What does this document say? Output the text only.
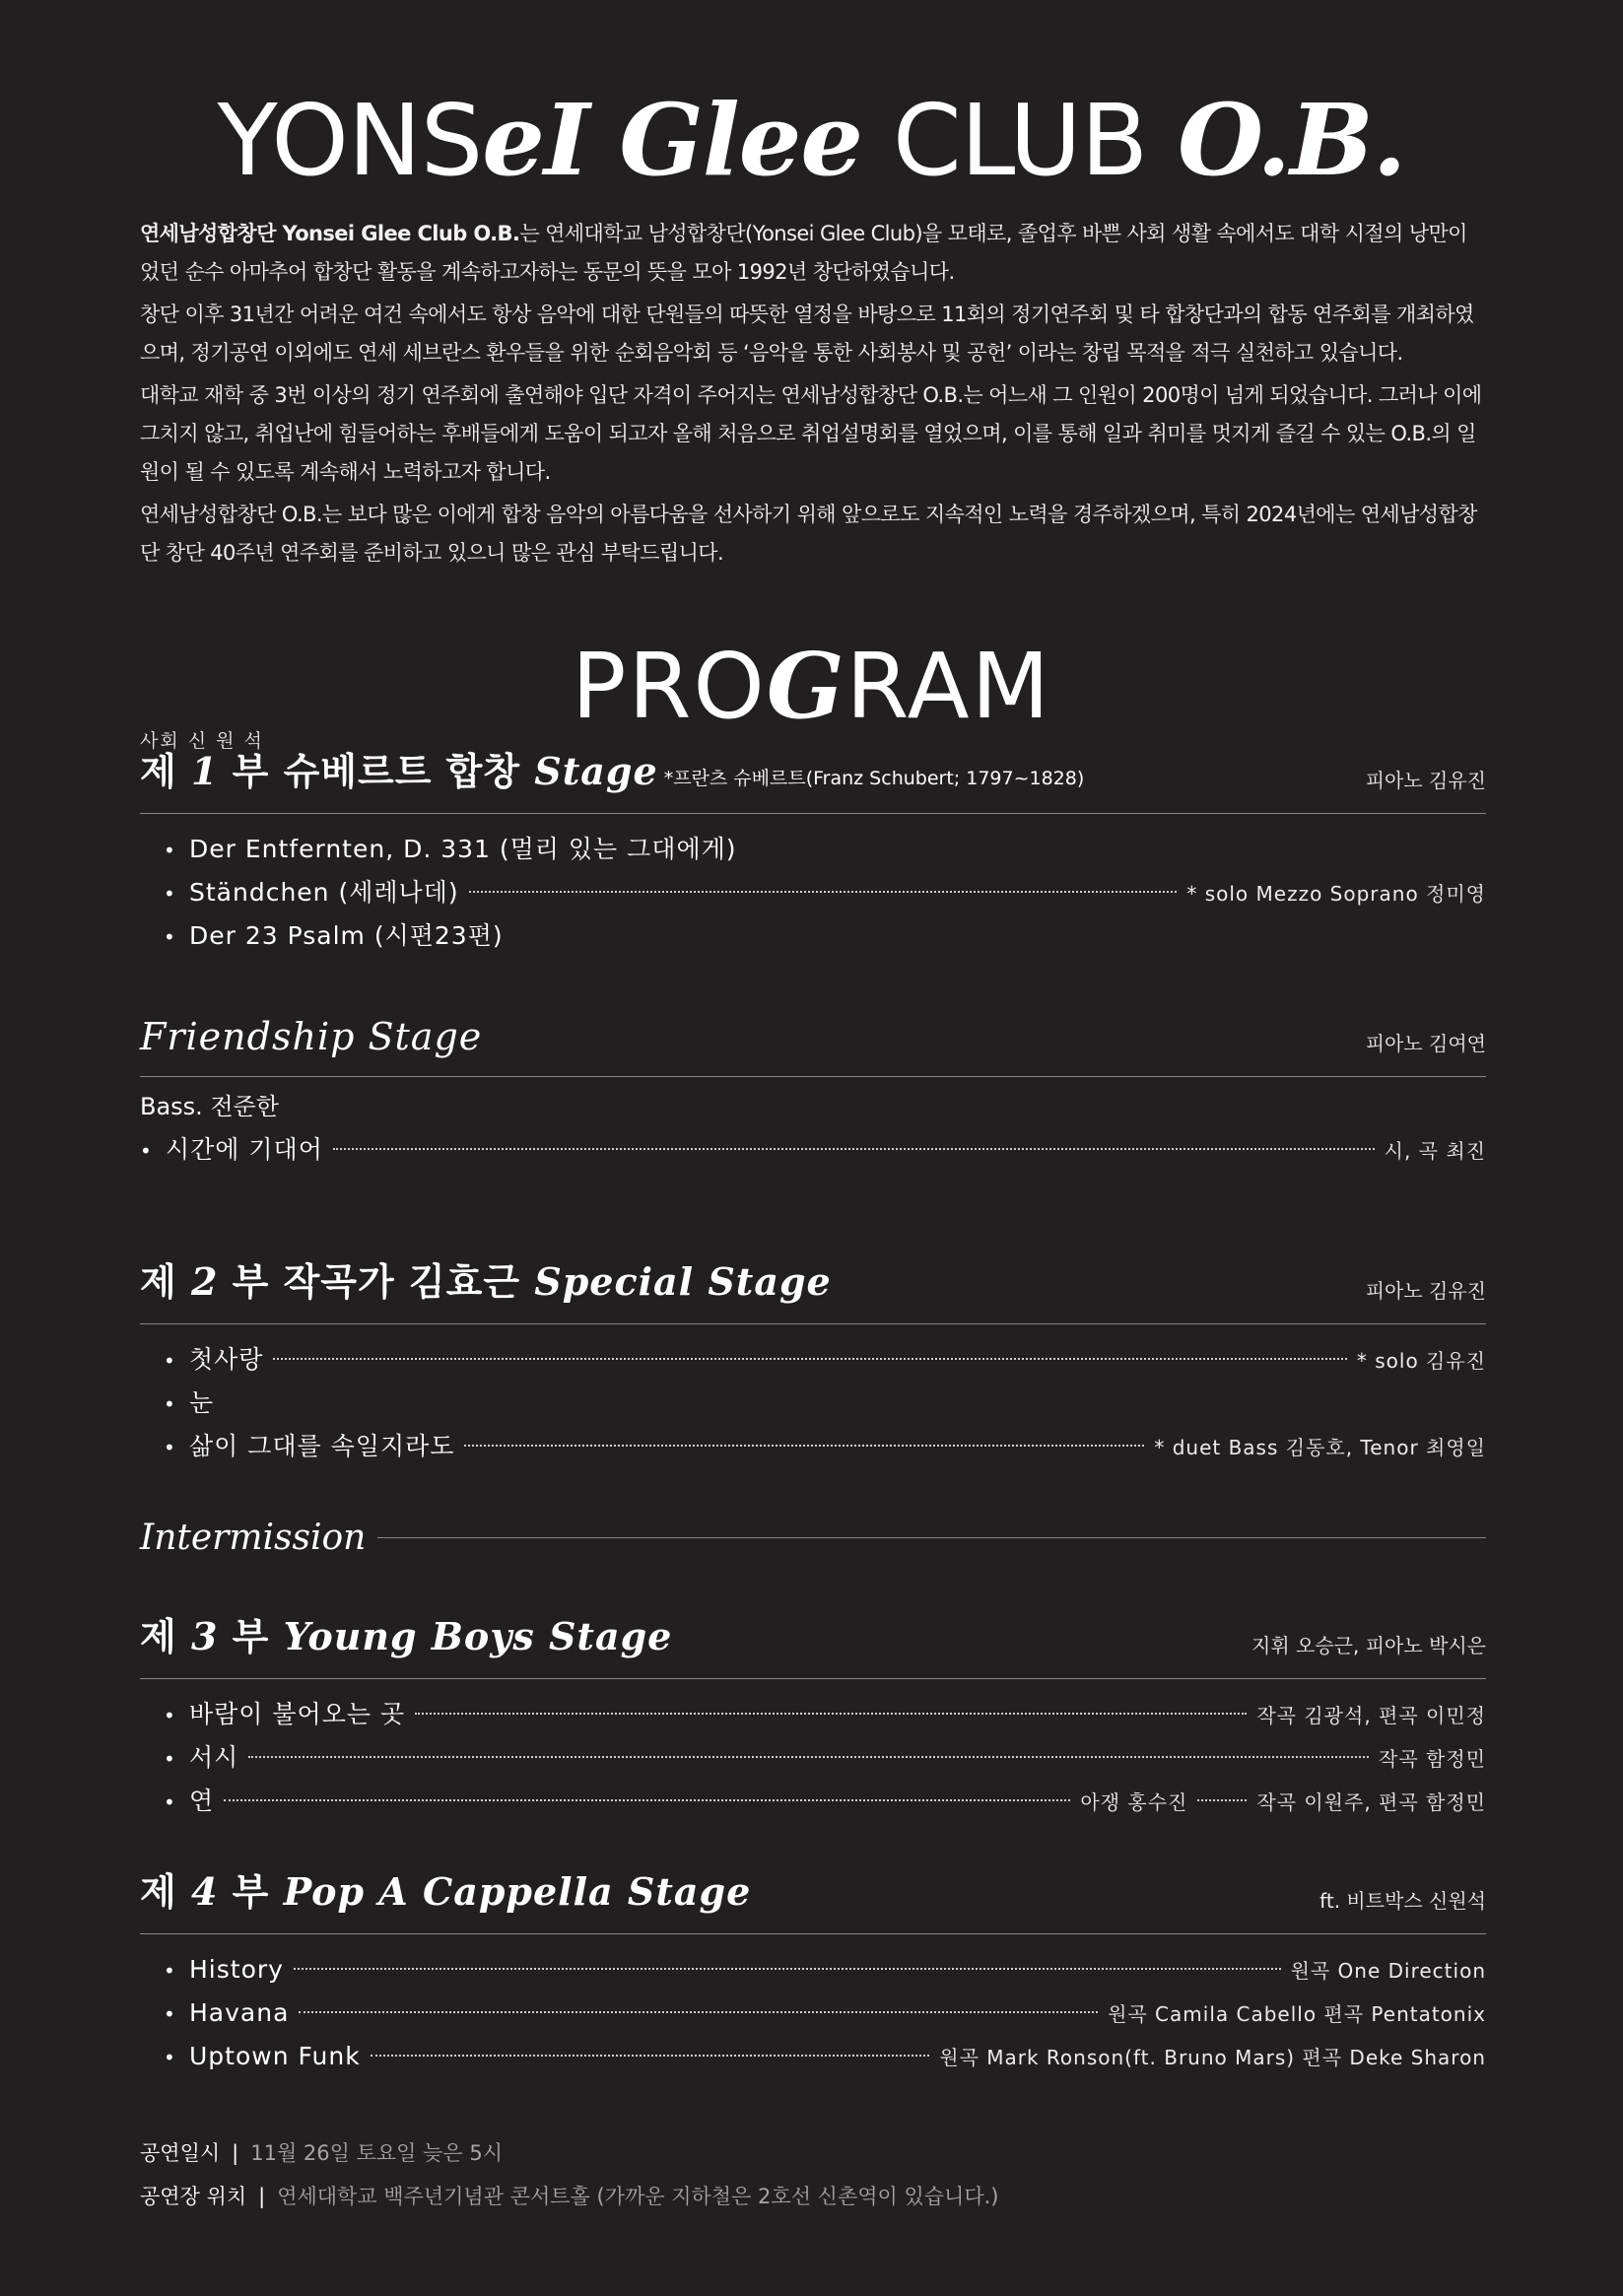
YONSeI Glee CLUB O.B.

연세남성합창단 Yonsei Glee Club O.B.는 연세대학교 남성합창단(Yonsei Glee Club)을 모태로, 졸업후 바쁜 사회 생활 속에서도 대학 시절의 낭만이었던 순수 아마추어 합창단 활동을 계속하고자하는 동문의 뜻을 모아 1992년 창단하였습니다.

창단 이후 31년간 어려운 여건 속에서도 항상 음악에 대한 단원들의 따뜻한 열정을 바탕으로 11회의 정기연주회 및 타 합창단과의 합동 연주회를 개최하였으며, 정기공연 이외에도 연세 세브란스 환우들을 위한 순회음악회 등 ‘음악을 통한 사회봉사 및 공헌’ 이라는 창립 목적을 적극 실천하고 있습니다.

대학교 재학 중 3번 이상의 정기 연주회에 출연해야 입단 자격이 주어지는 연세남성합창단 O.B.는 어느새 그 인원이 200명이 넘게 되었습니다. 그러나 이에 그치지 않고, 취업난에 힘들어하는 후배들에게 도움이 되고자 올해 처음으로 취업설명회를 열었으며, 이를 통해 일과 취미를 멋지게 즐길 수 있는 O.B.의 일원이 될 수 있도록 계속해서 노력하고자 합니다.

연세남성합창단 O.B.는 보다 많은 이에게 합창 음악의 아름다움을 선사하기 위해 앞으로도 지속적인 노력을 경주하겠으며, 특히 2024년에는 연세남성합창단 창단 40주년 연주회를 준비하고 있으니 많은 관심 부탁드립니다.

PROGRAM
사회 신 원 석
제 1 부 슈베르트 합창 Stage *프란츠 슈베르트(Franz Schubert; 1797~1828)	피아노 김유진
• Der Entfernten, D. 331 (멀리 있는 그대에게)
• Ständchen (세레나데)	* solo Mezzo Soprano 정미영
• Der 23 Psalm (시편23편)
Friendship Stage	피아노 김여연
Bass. 전준한
• 시간에 기대어	시, 곡 최진
제 2 부 작곡가 김효근 Special Stage	피아노 김유진
• 첫사랑	* solo 김유진
• 눈
• 삶이 그대를 속일지라도	* duet Bass 김동호, Tenor 최영일
Intermission
제 3 부 Young Boys Stage	지휘 오승근, 피아노 박시은
• 바람이 불어오는 곳	작곡 김광석, 편곡 이민정
• 서시	작곡 함정민
• 연	아쟁 홍수진	작곡 이원주, 편곡 함정민
제 4 부 Pop A Cappella Stage	ft. 비트박스 신원석
• History	원곡 One Direction
• Havana	원곡 Camila Cabello 편곡 Pentatonix
• Uptown Funk	원곡 Mark Ronson(ft. Bruno Mars) 편곡 Deke Sharon
공연일시 | 11월 26일 토요일 늦은 5시
공연장 위치 | 연세대학교 백주년기념관 콘서트홀 (가까운 지하철은 2호선 신촌역이 있습니다.)
